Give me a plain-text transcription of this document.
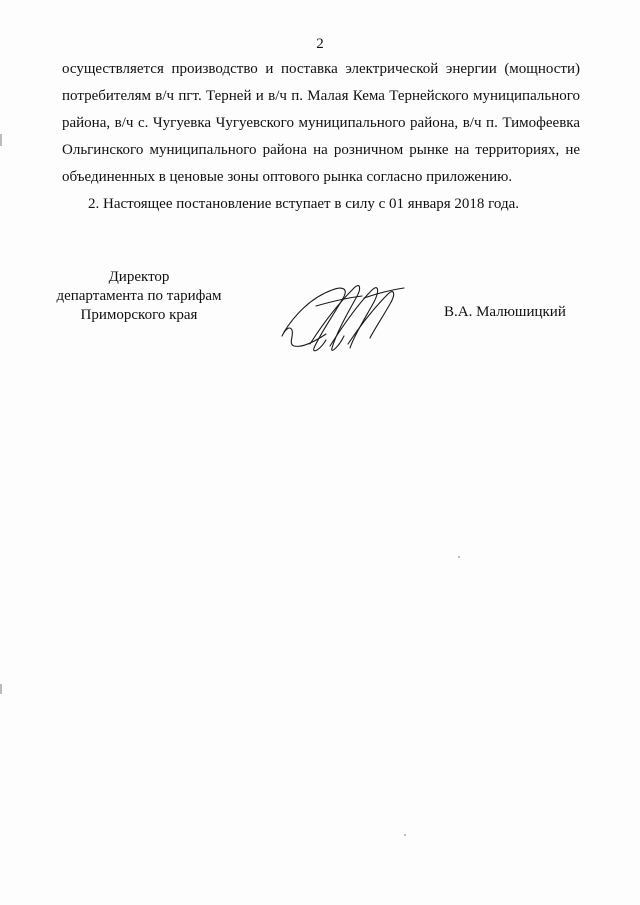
2

осуществляется производство и поставка электрической энергии (мощности) потребителям в/ч пгт. Терней и в/ч п. Малая Кема Тернейского муниципального района, в/ч с. Чугуевка Чугуевского муниципального района, в/ч п. Тимофеевка Ольгинского муниципального района на розничном рынке на территориях, не объединенных в ценовые зоны оптового рынка согласно приложению.

2. Настоящее постановление вступает в силу с 01 января 2018 года.

Директор
департамента по тарифам
Приморского края	В.А. Малюшицкий
